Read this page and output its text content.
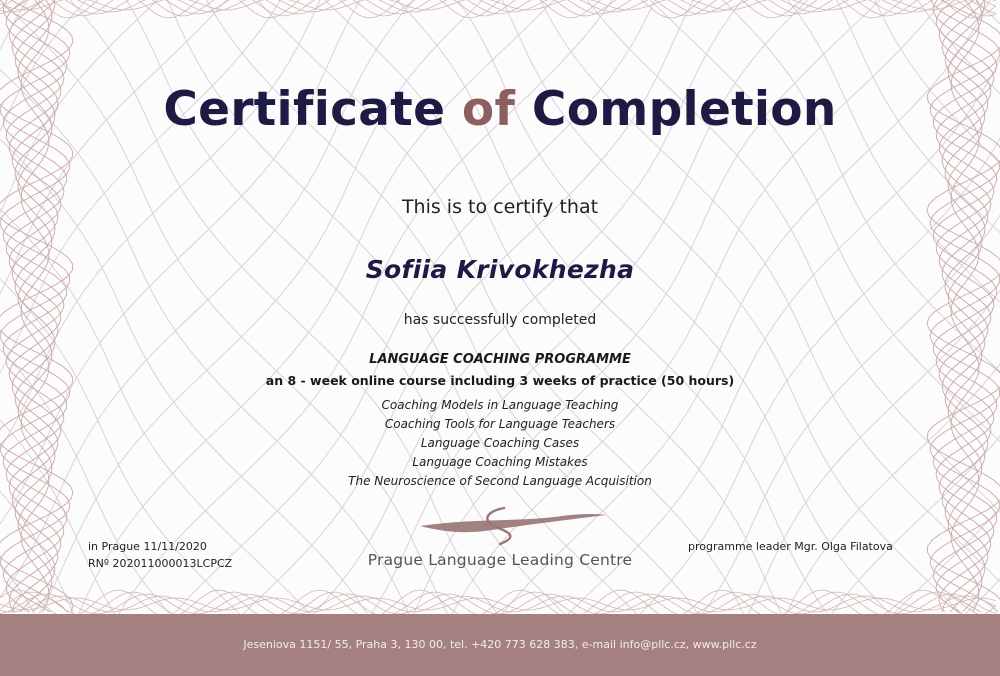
Certificate of Completion
This is to certify that
Sofiia Krivokhezha
has successfully completed
LANGUAGE COACHING PROGRAMME
an 8 - week online course including 3 weeks of practice (50 hours)
Coaching Models in Language Teaching
Coaching Tools for Language Teachers
Language Coaching Cases
Language Coaching Mistakes
The Neuroscience of Second Language Acquisition
in Prague 11/11/2020
RNº 202011000013LCPCZ
programme leader Mgr. Olga Filatova
Prague Language Leading Centre
Jeseniova 1151/ 55, Praha 3, 130 00, tel. +420 773 628 383, e-mail info@pllc.cz, www.pllc.cz
